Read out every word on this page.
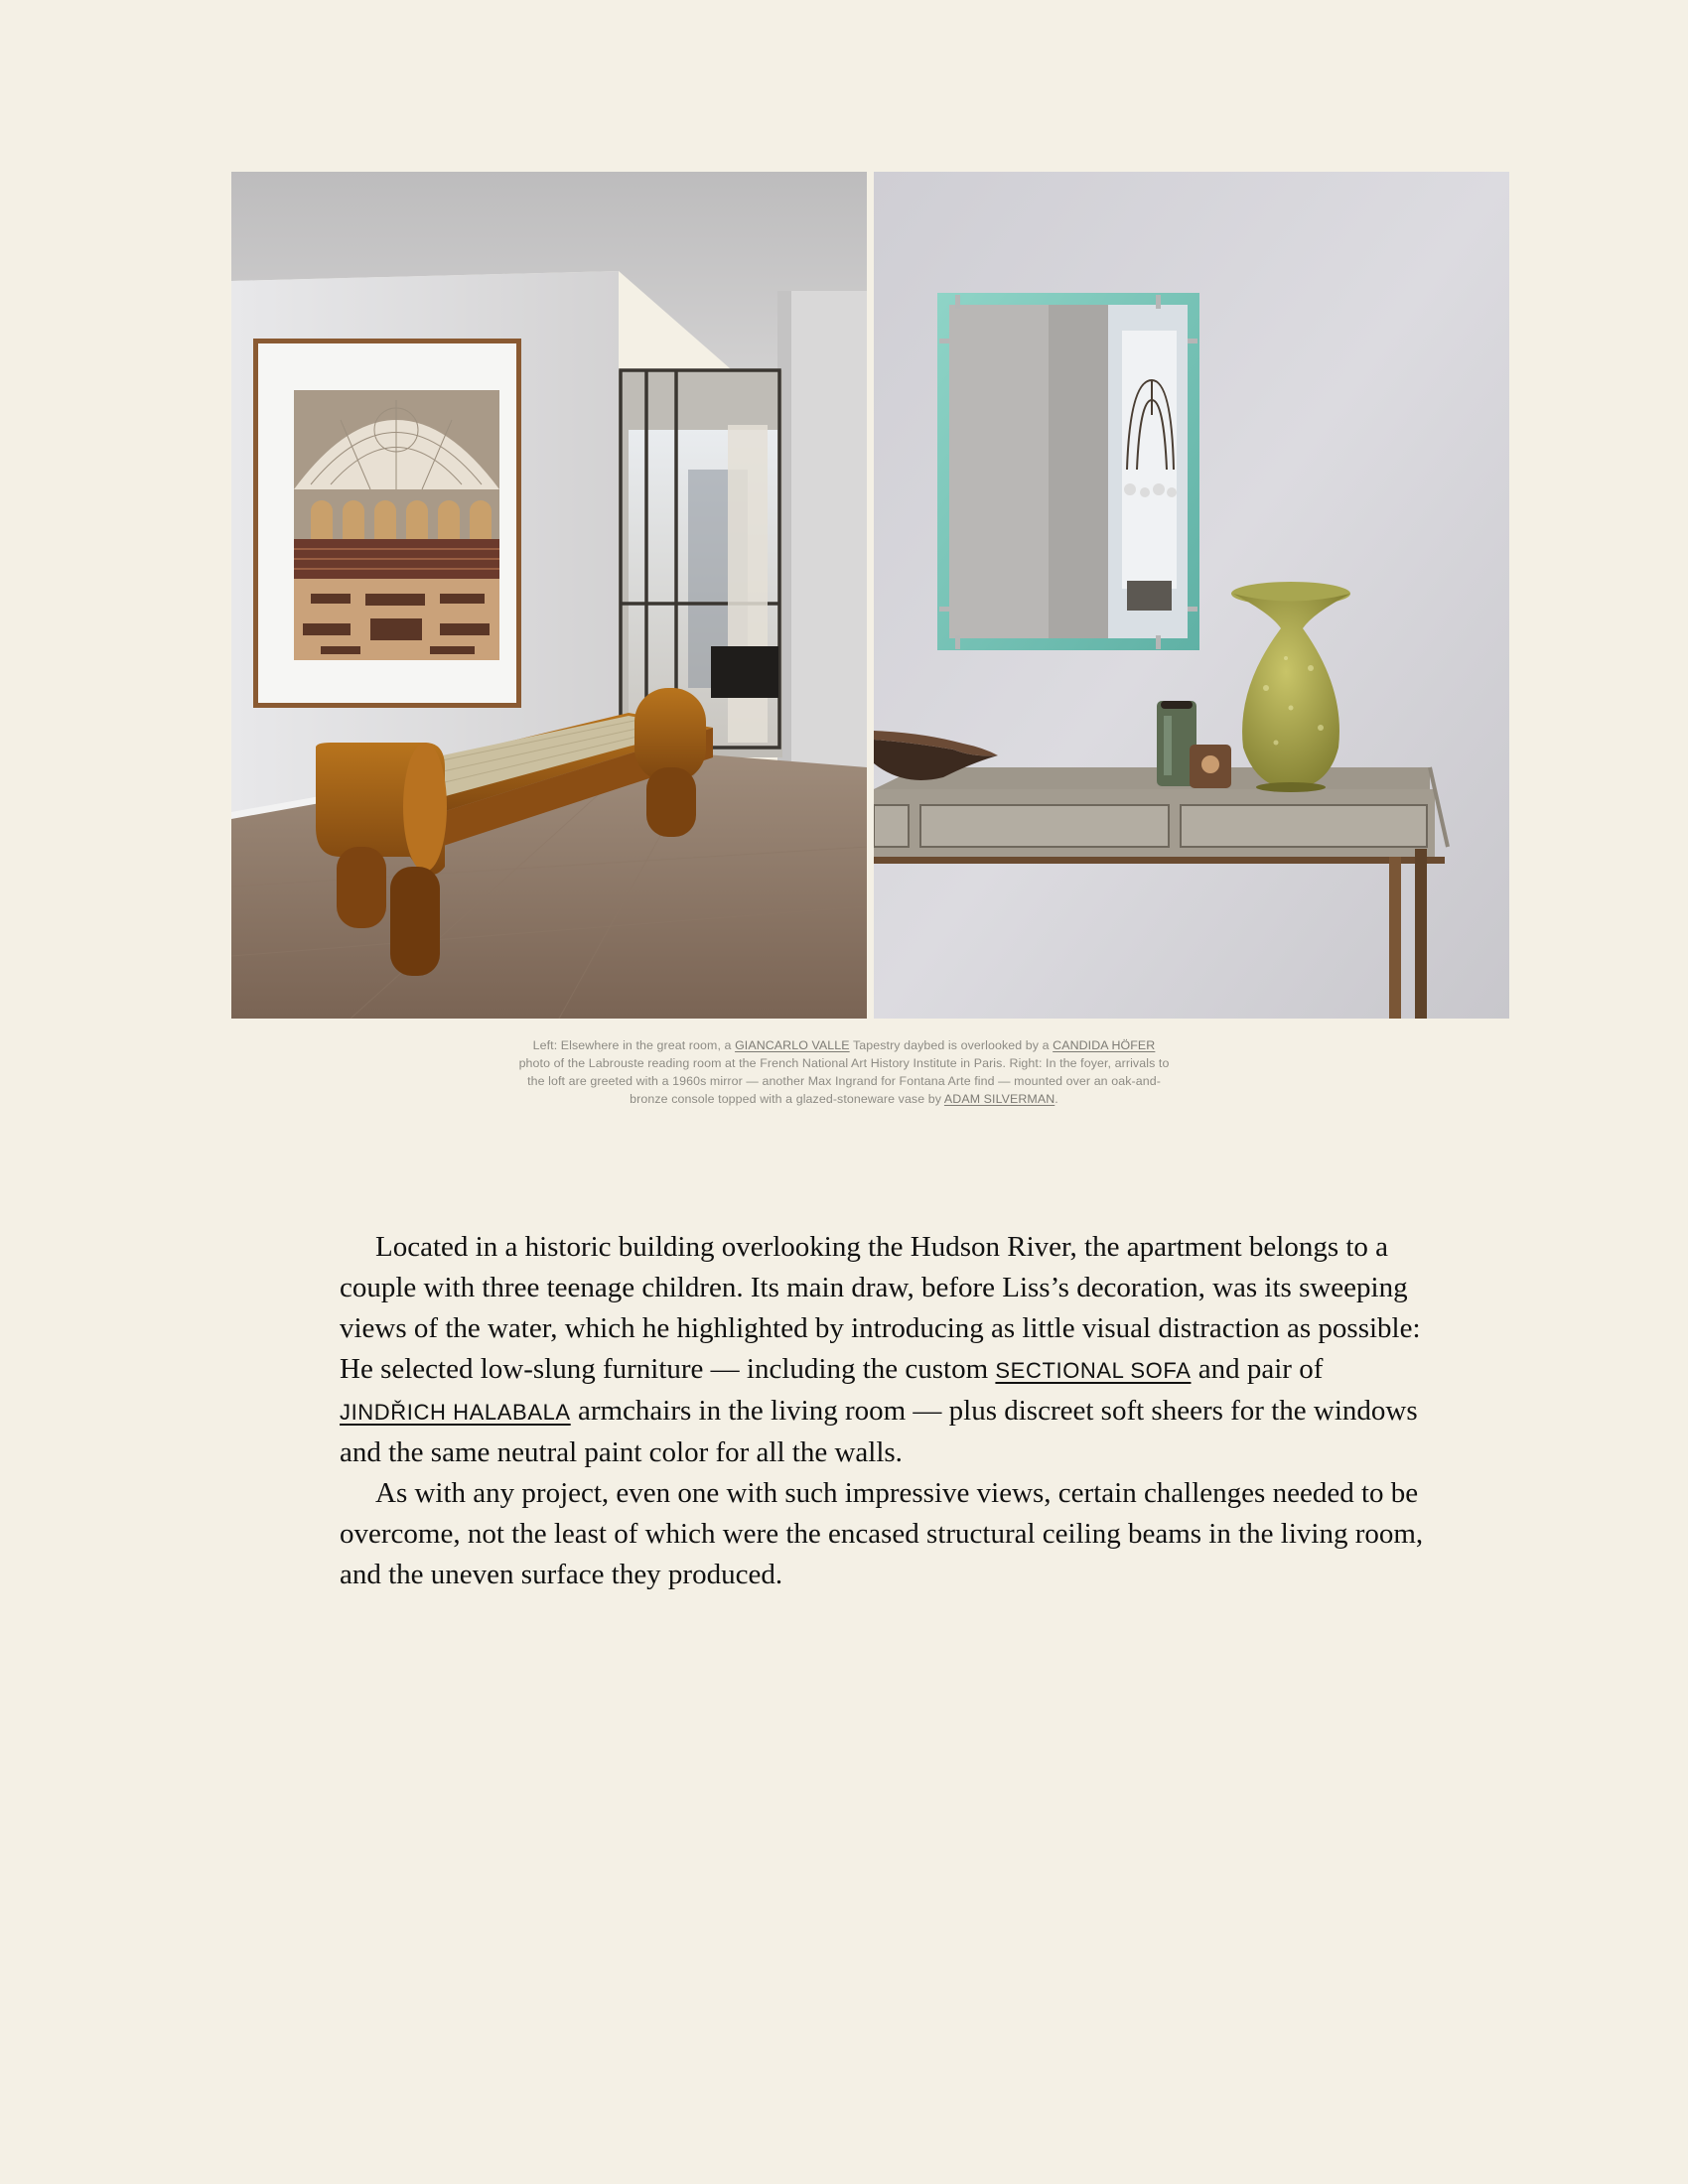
Left: Elsewhere in the great room, a GIANCARLO VALLE Tapestry daybed is overlooked by a CANDIDA HÖFER photo of the Labrouste reading room at the French National Art History Institute in Paris. Right: In the foyer, arrivals to the loft are greeted with a 1960s mirror — another Max Ingrand for Fontana Arte find — mounted over an oak-and-bronze console topped with a glazed-stoneware vase by ADAM SILVERMAN.

Located in a historic building overlooking the Hudson River, the apartment belongs to a couple with three teenage children. Its main draw, before Liss’s decoration, was its sweeping views of the water, which he highlighted by introducing as little visual distraction as possible: He selected low-slung furniture — including the custom SECTIONAL SOFA and pair of JINDŘICH HALABALA armchairs in the living room — plus discreet soft sheers for the windows and the same neutral paint color for all the walls.

As with any project, even one with such impressive views, certain challenges needed to be overcome, not the least of which were the encased structural ceiling beams in the living room, and the uneven surface they produced.
